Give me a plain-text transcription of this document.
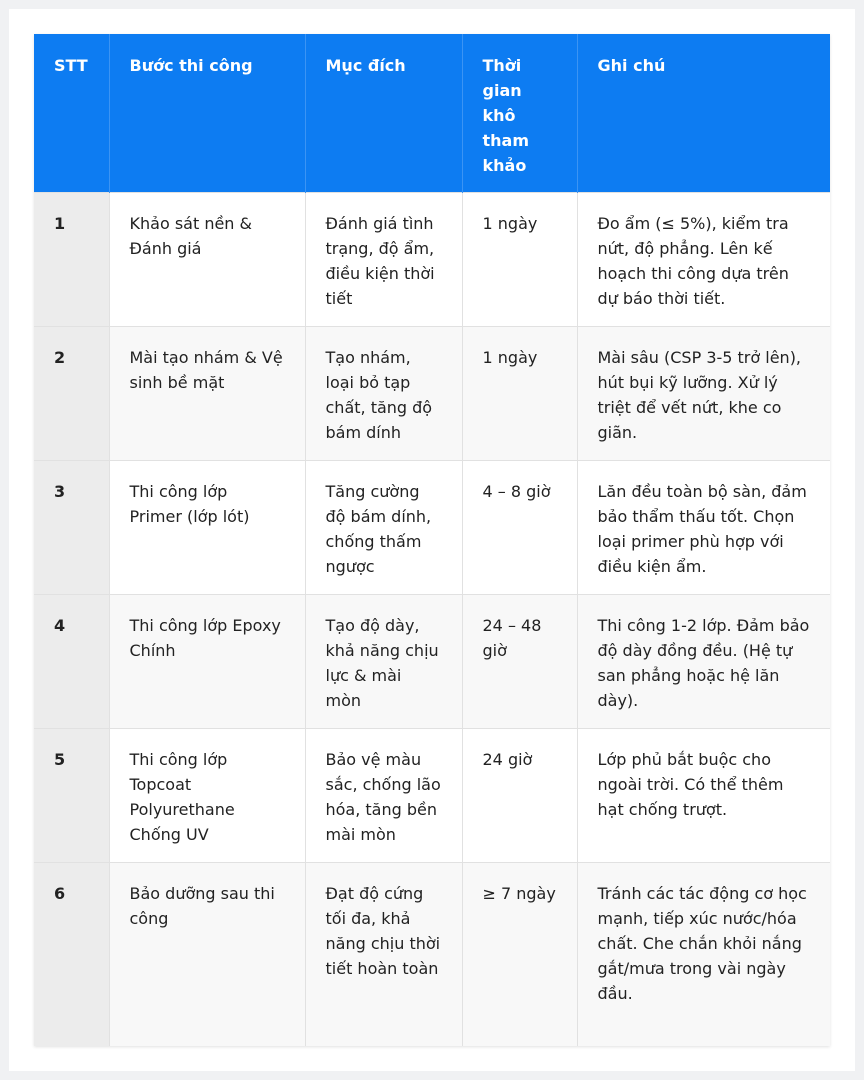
STT	Bước thi công	Mục đích	Thời gian khô tham khảo	Ghi chú
1	Khảo sát nền & Đánh giá	Đánh giá tình trạng, độ ẩm, điều kiện thời tiết	1 ngày	Đo ẩm (≤ 5%), kiểm tra nứt, độ phẳng. Lên kế hoạch thi công dựa trên dự báo thời tiết.
2	Mài tạo nhám & Vệ sinh bề mặt	Tạo nhám, loại bỏ tạp chất, tăng độ bám dính	1 ngày	Mài sâu (CSP 3-5 trở lên), hút bụi kỹ lưỡng. Xử lý triệt để vết nứt, khe co giãn.
3	Thi công lớp Primer (lớp lót)	Tăng cường độ bám dính, chống thấm ngược	4 – 8 giờ	Lăn đều toàn bộ sàn, đảm bảo thẩm thấu tốt. Chọn loại primer phù hợp với điều kiện ẩm.
4	Thi công lớp Epoxy Chính	Tạo độ dày, khả năng chịu lực & mài mòn	24 – 48 giờ	Thi công 1-2 lớp. Đảm bảo độ dày đồng đều. (Hệ tự san phẳng hoặc hệ lăn dày).
5	Thi công lớp Topcoat Polyurethane Chống UV	Bảo vệ màu sắc, chống lão hóa, tăng bền mài mòn	24 giờ	Lớp phủ bắt buộc cho ngoài trời. Có thể thêm hạt chống trượt.
6	Bảo dưỡng sau thi công	Đạt độ cứng tối đa, khả năng chịu thời tiết hoàn toàn	≥ 7 ngày	Tránh các tác động cơ học mạnh, tiếp xúc nước/hóa chất. Che chắn khỏi nắng gắt/mưa trong vài ngày đầu.
